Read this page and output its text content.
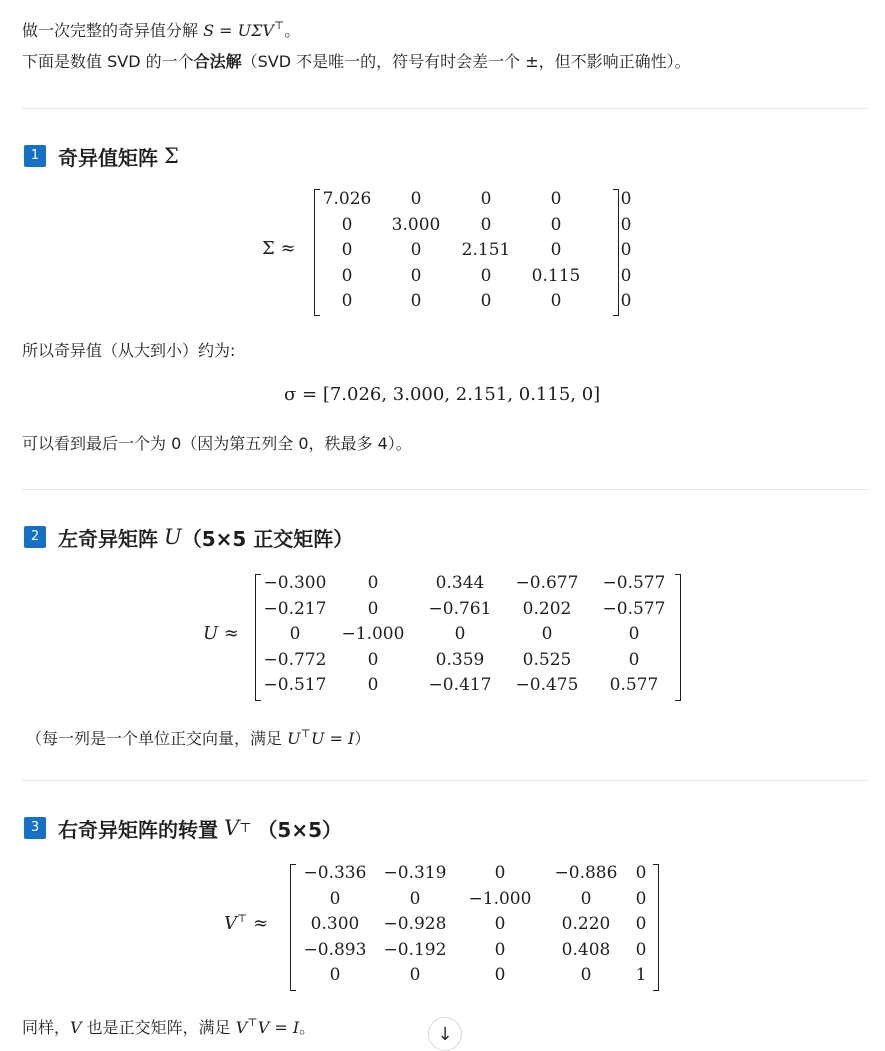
做一次完整的奇异值分解 S = UΣV⊤。
下面是数值 SVD 的一个合法解（SVD 不是唯一的，符号有时会差一个 ±，但不影响正确性）。
1 奇异值矩阵 Σ
Σ ≈
7.026	0	0	0	0
0	3.000	0	0	0
0	0	2.151	0	0
0	0	0	0.115	0
0	0	0	0	0
所以奇异值（从大到小）约为:
σ = [7.026, 3.000, 2.151, 0.115, 0]
可以看到最后一个为 0（因为第五列全 0，秩最多 4）。
2 左奇异矩阵 U （5×5 正交矩阵）
U ≈
−0.300	0	0.344	−0.677	−0.577
−0.217	0	−0.761	0.202	−0.577
0	−1.000	0	0	0
−0.772	0	0.359	0.525	0
−0.517	0	−0.417	−0.475	0.577
（每一列是一个单位正交向量，满足 U⊤U = I）
3 右奇异矩阵的转置 V ⊤ （5×5）
V⊤ ≈
−0.336	−0.319	0	−0.886	0
0	0	−1.000	0	0
0.300	−0.928	0	0.220	0
−0.893	−0.192	0	0.408	0
0	0	0	0	1
同样，V 也是正交矩阵，满足 V⊤V = I。	↓
